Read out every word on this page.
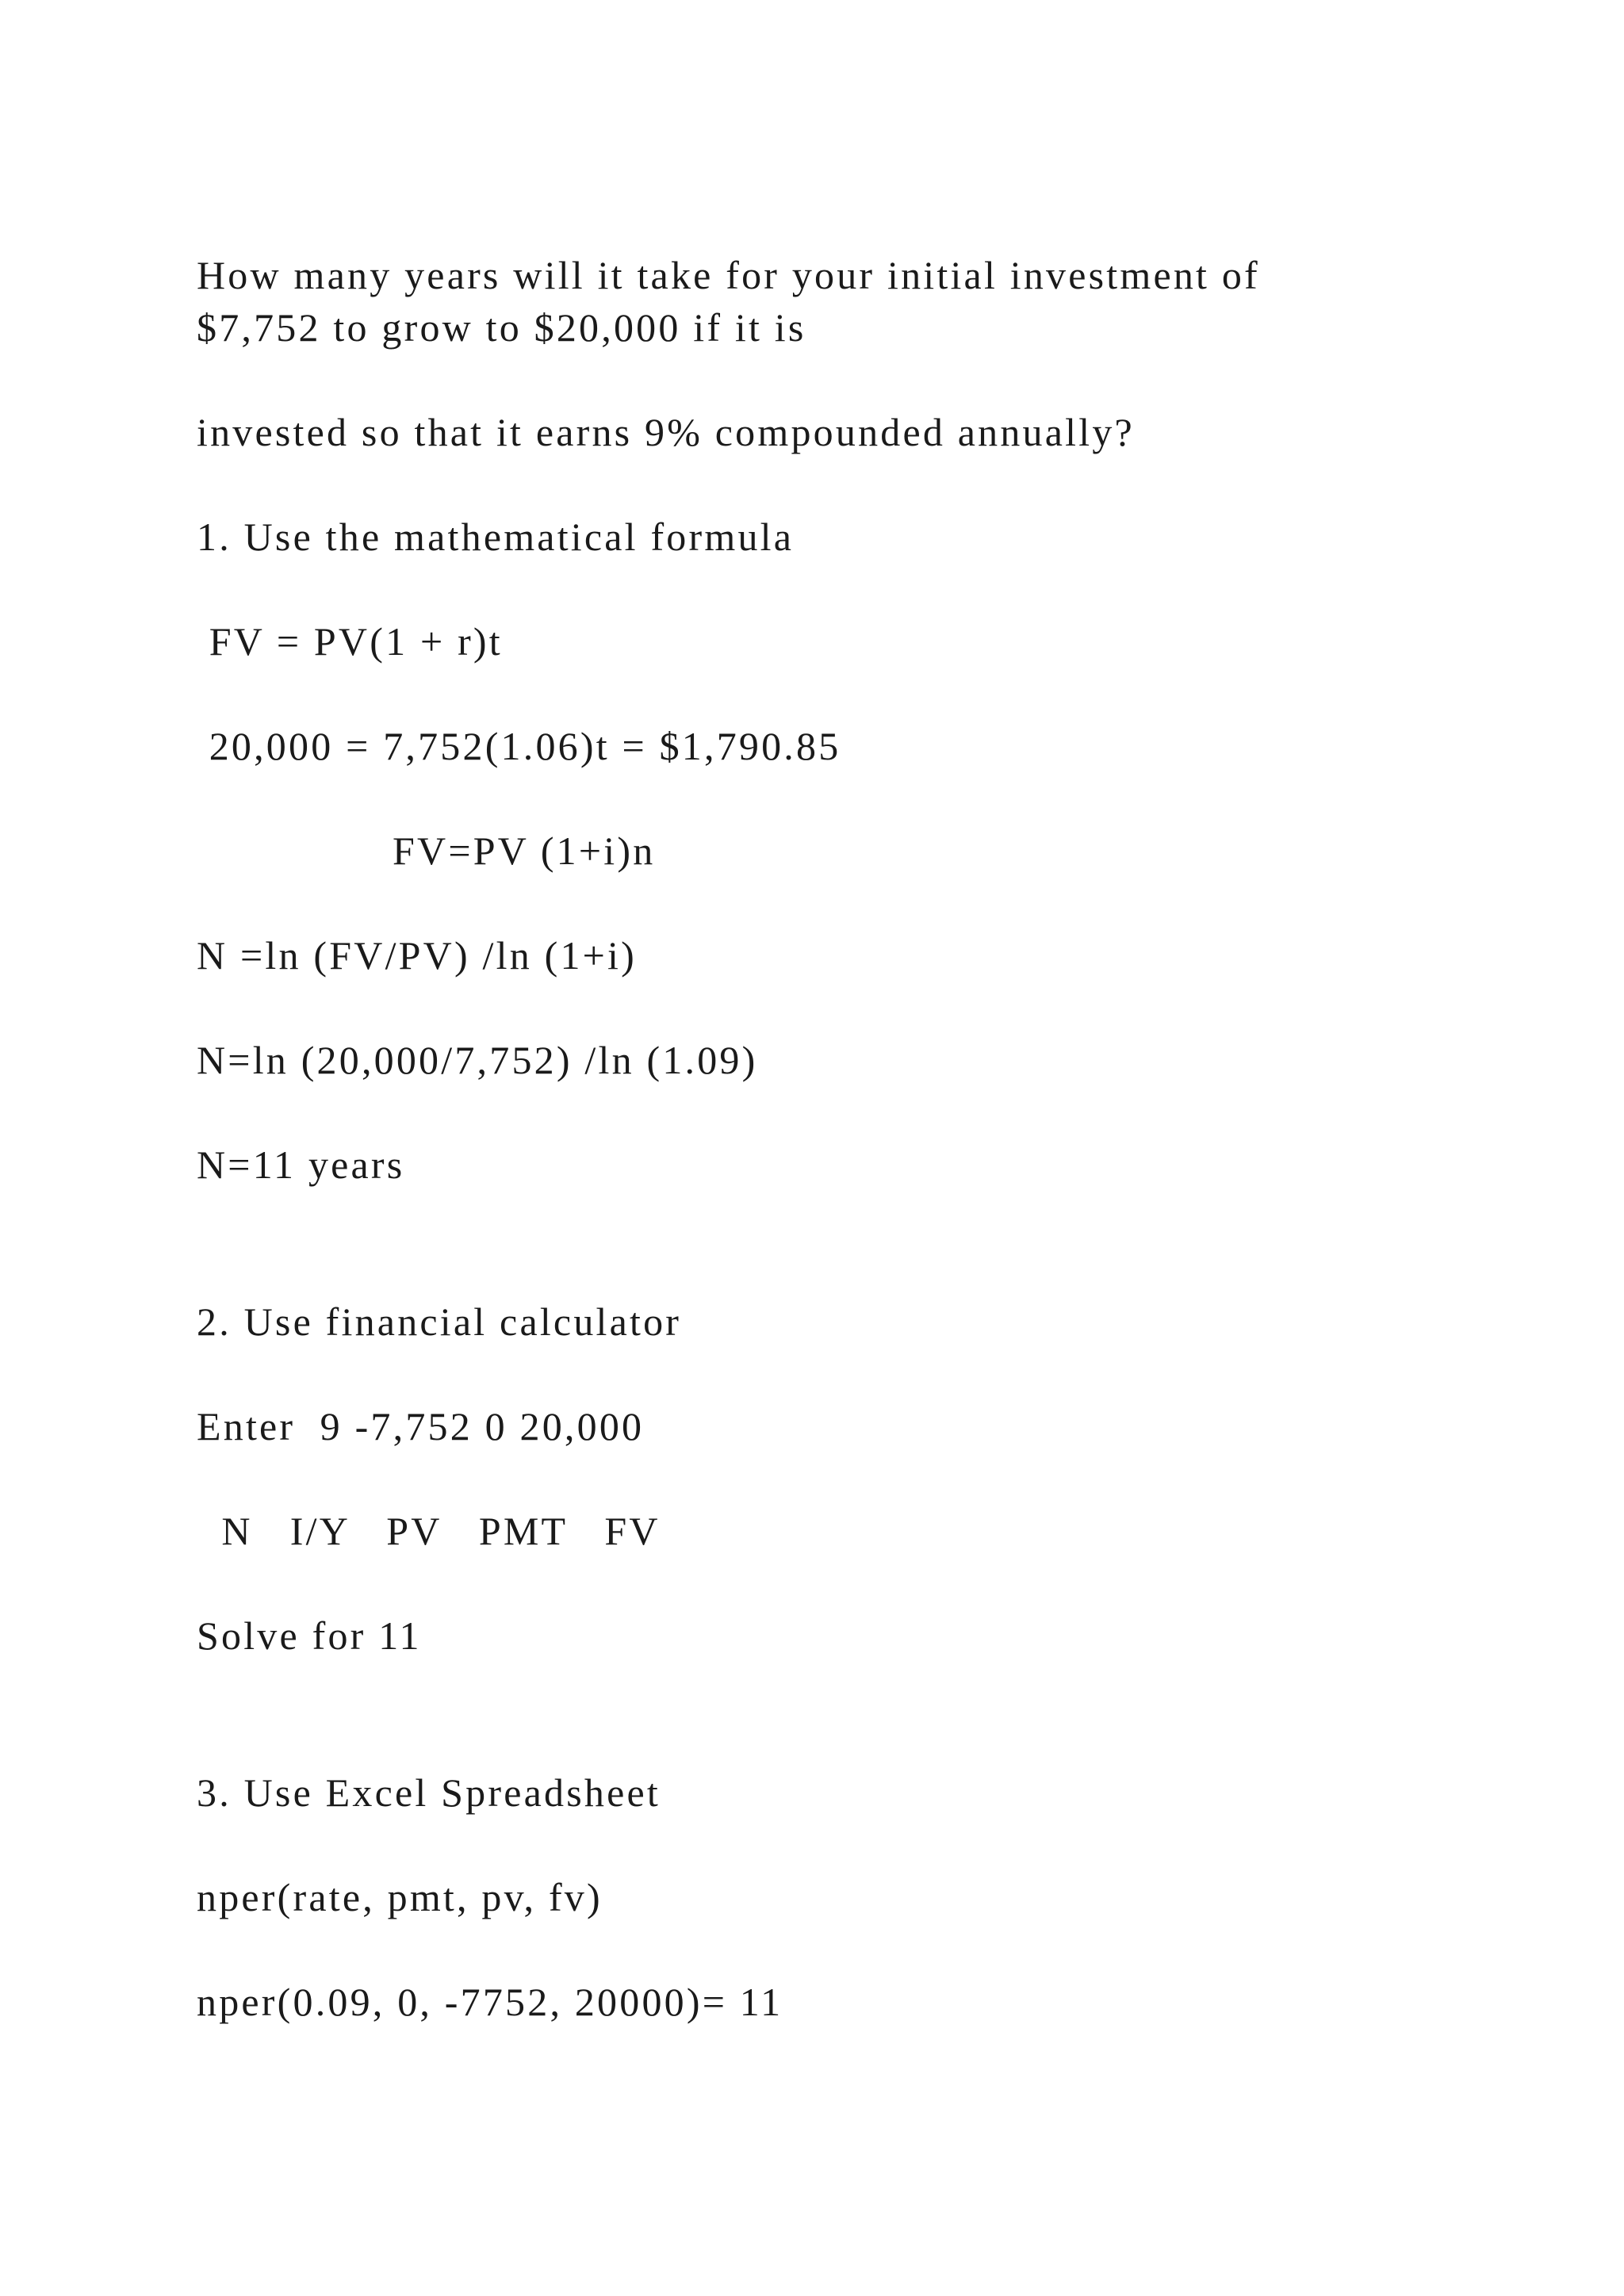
How many years will it take for your initial investment of
$7,752 to grow to $20,000 if it is
invested so that it earns 9% compounded annually?
1. Use the mathematical formula
FV = PV(1 + r)t
20,000 = 7,752(1.06)t = $1,790.85
FV=PV (1+i)n
N =ln (FV/PV) /ln (1+i)
N=ln (20,000/7,752) /ln (1.09)
N=11 years
2. Use financial calculator
Enter  9 -7,752 0 20,000
N   I/Y   PV   PMT   FV
Solve for 11
3. Use Excel Spreadsheet
nper(rate, pmt, pv, fv)
nper(0.09, 0, -7752, 20000)= 11
